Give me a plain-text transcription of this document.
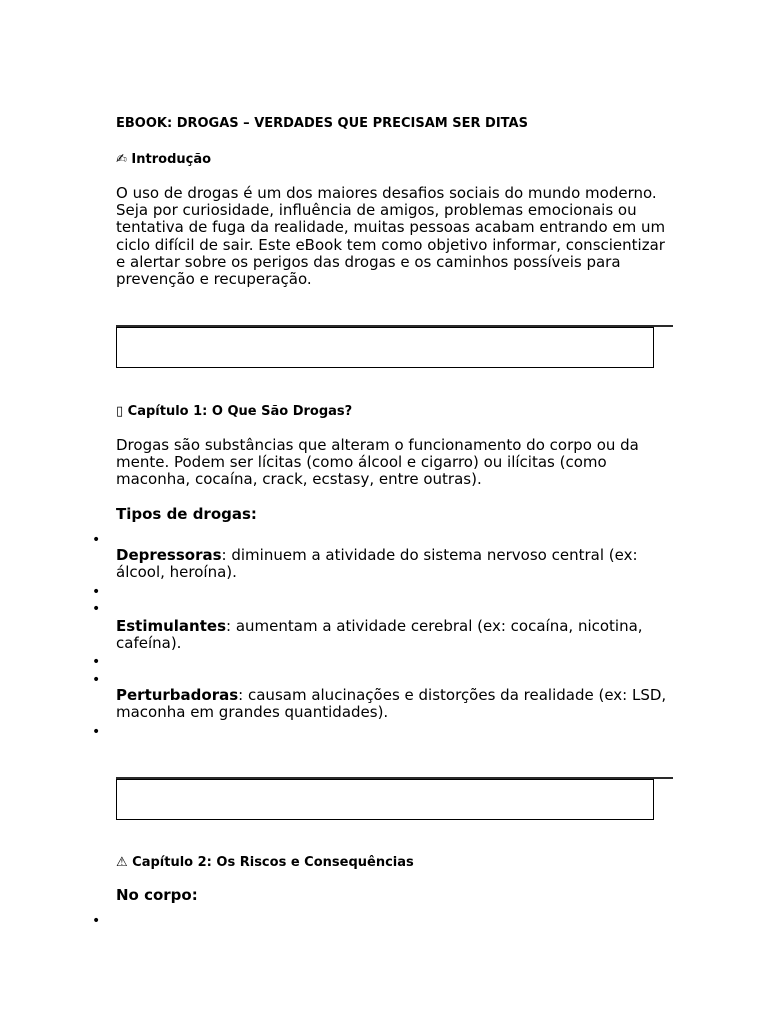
EBOOK: DROGAS – VERDADES QUE PRECISAM SER DITAS
✍ Introdução

O uso de drogas é um dos maiores desafios sociais do mundo moderno. Seja por curiosidade, influência de amigos, problemas emocionais ou tentativa de fuga da realidade, muitas pessoas acabam entrando em um ciclo difícil de sair. Este eBook tem como objetivo informar, conscientizar e alertar sobre os perigos das drogas e os caminhos possíveis para prevenção e recuperação.

▯ Capítulo 1: O Que São Drogas?

Drogas são substâncias que alteram o funcionamento do corpo ou da mente. Podem ser lícitas (como álcool e cigarro) ou ilícitas (como maconha, cocaína, crack, ecstasy, entre outras).

Tipos de drogas:
•
•
•
•
•
•

Depressoras: diminuem a atividade do sistema nervoso central (ex: álcool, heroína).

Estimulantes: aumentam a atividade cerebral (ex: cocaína, nicotina, cafeína).

Perturbadoras: causam alucinações e distorções da realidade (ex: LSD, maconha em grandes quantidades).

⚠ Capítulo 2: Os Riscos e Consequências
No corpo:
•
